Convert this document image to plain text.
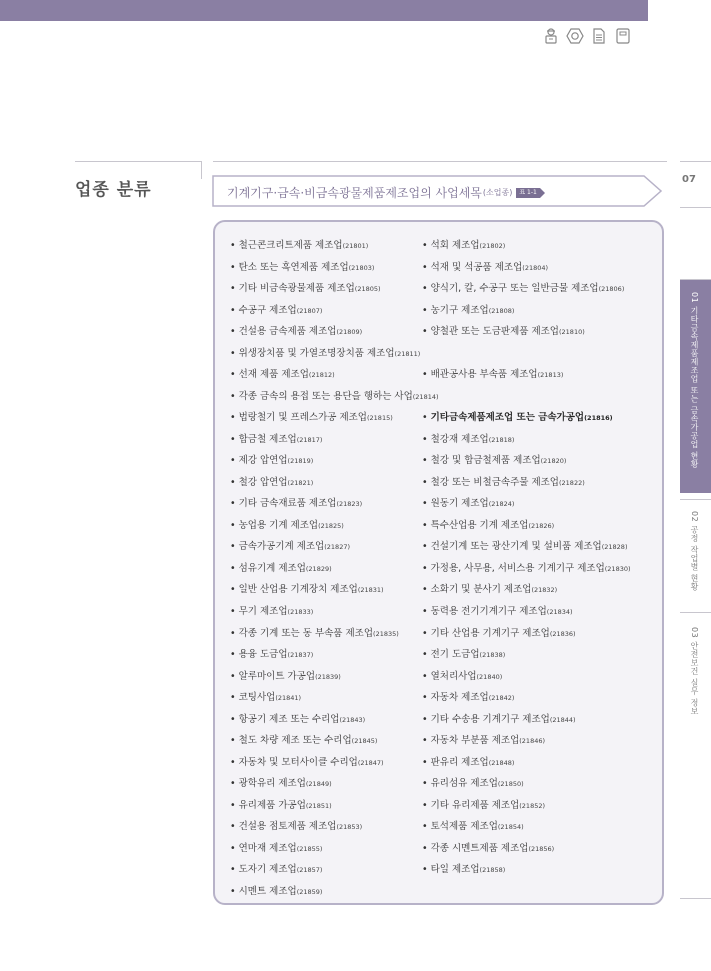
업종 분류	기계기구·금속·비금속광물제품제조업의 사업세목 (소업종)	표 1-1
• 철근콘크리트제품 제조업(21801)	• 석회 제조업(21802)
• 탄소 또는 흑연제품 제조업(21803)	• 석재 및 석공품 제조업(21804)
• 기타 비금속광물제품 제조업(21805)	• 양식기, 칼, 수공구 또는 일반금물 제조업(21806)
• 수공구 제조업(21807)	• 농기구 제조업(21808)
• 건설용 금속제품 제조업(21809)	• 양철관 또는 도금판제품 제조업(21810)
• 위생장치품 및 가열조명장치품 제조업(21811)
• 선재 제품 제조업(21812)	• 배관공사용 부속품 제조업(21813)
• 각종 금속의 용접 또는 용단을 행하는 사업(21814)
• 법랑철기 및 프레스가공 제조업(21815)	• 기타금속제품제조업 또는 금속가공업(21816)
• 합금철 제조업(21817)	• 철강재 제조업(21818)
• 제강 압연업(21819)	• 철강 및 합금철제품 제조업(21820)
• 철강 압연업(21821)	• 철강 또는 비철금속주물 제조업(21822)
• 기타 금속재료품 제조업(21823)	• 원동기 제조업(21824)
• 농업용 기계 제조업(21825)	• 특수산업용 기계 제조업(21826)
• 금속가공기계 제조업(21827)	• 건설기계 또는 광산기계 및 설비품 제조업(21828)
• 섬유기계 제조업(21829)	• 가정용, 사무용, 서비스용 기계기구 제조업(21830)
• 일반 산업용 기계장치 제조업(21831)	• 소화기 및 분사기 제조업(21832)
• 무기 제조업(21833)	• 동력용 전기기계기구 제조업(21834)
• 각종 기계 또는 동 부속품 제조업(21835) • 기타 산업용 기계기구 제조업(21836)
• 용융 도금업(21837)	• 전기 도금업(21838)
• 알루마이트 가공업(21839)	• 열처리사업(21840)
• 코팅사업(21841)	• 자동차 제조업(21842)
• 항공기 제조 또는 수리업(21843)	• 기타 수송용 기계기구 제조업(21844)
• 철도 차량 제조 또는 수리업(21845)	• 자동차 부분품 제조업(21846)
• 자동차 및 모터사이클 수리업(21847)	• 판유리 제조업(21848)
• 광학유리 제조업(21849)	• 유리섬유 제조업(21850)
• 유리제품 가공업(21851)	• 기타 유리제품 제조업(21852)
• 건설용 점토제품 제조업(21853)	• 토석제품 제조업(21854)
• 연마재 제조업(21855)	• 각종 시멘트제품 제조업(21856)
• 도자기 제조업(21857)	• 타일 제조업(21858)
• 시멘트 제조업(21859)
07
01 기타금속제품제조업 또는 금속가공업 현황
02 공정 작업별 현황
03 안전보건 실무 정보
